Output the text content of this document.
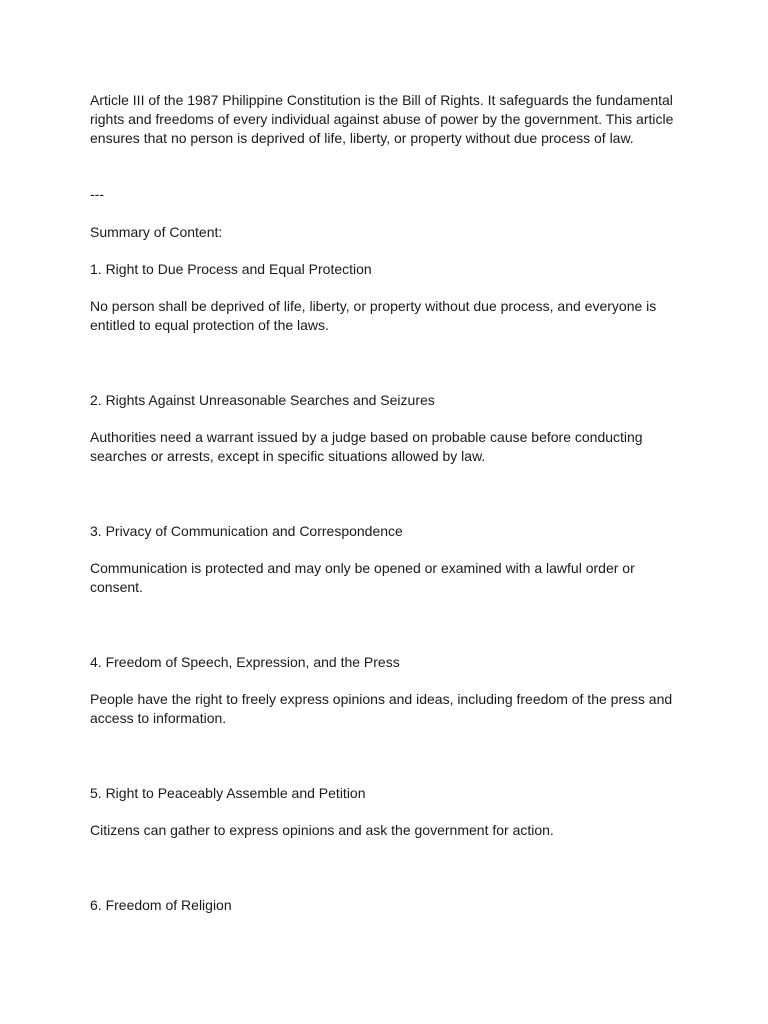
Article III of the 1987 Philippine Constitution is the Bill of Rights. It safeguards the fundamental rights and freedoms of every individual against abuse of power by the government. This article ensures that no person is deprived of life, liberty, or property without due process of law.

---

Summary of Content:

1. Right to Due Process and Equal Protection

No person shall be deprived of life, liberty, or property without due process, and everyone is entitled to equal protection of the laws.

2. Rights Against Unreasonable Searches and Seizures

Authorities need a warrant issued by a judge based on probable cause before conducting searches or arrests, except in specific situations allowed by law.

3. Privacy of Communication and Correspondence

Communication is protected and may only be opened or examined with a lawful order or consent.

4. Freedom of Speech, Expression, and the Press

People have the right to freely express opinions and ideas, including freedom of the press and access to information.

5. Right to Peaceably Assemble and Petition

Citizens can gather to express opinions and ask the government for action.

6. Freedom of Religion
